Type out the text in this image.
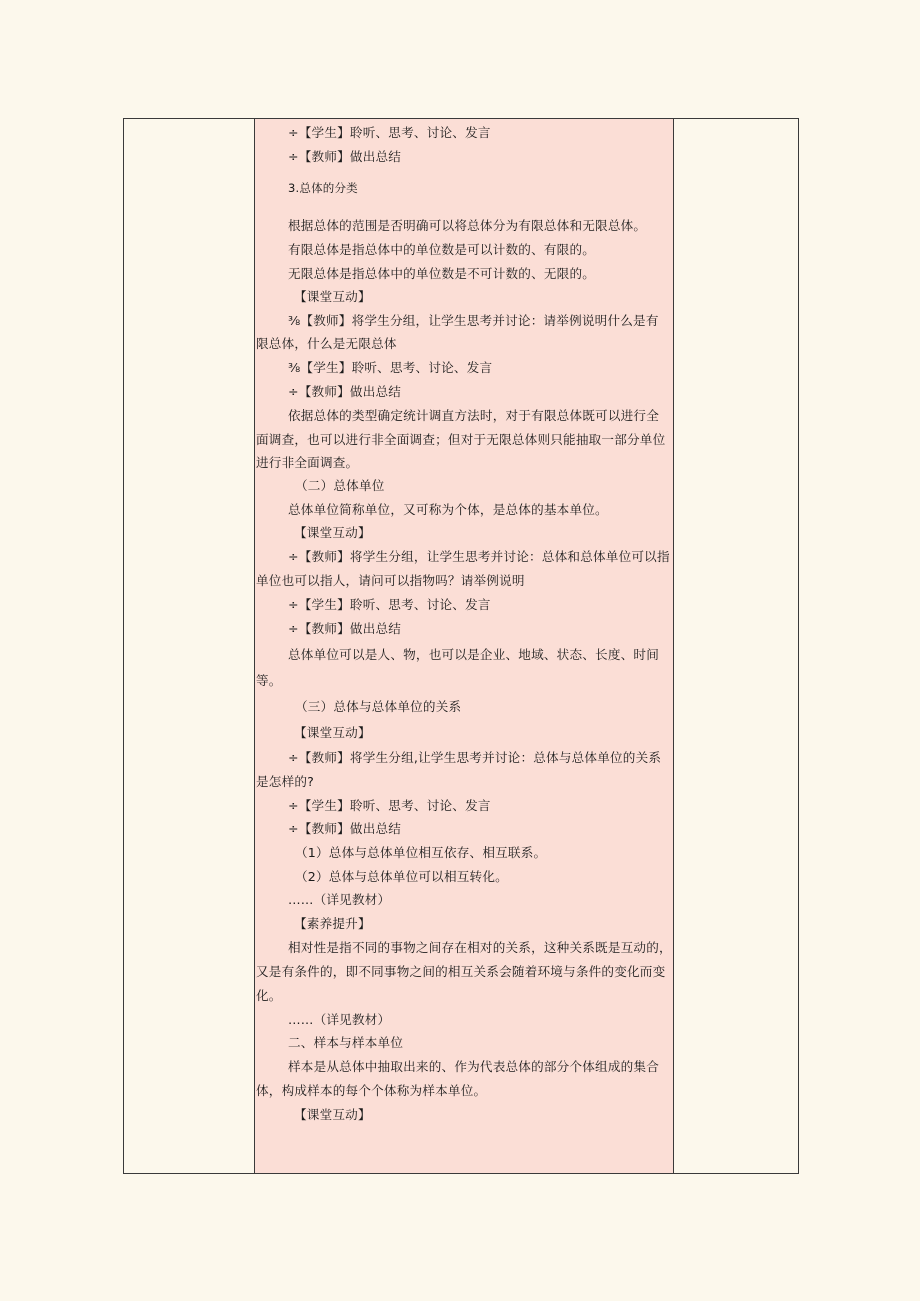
÷【学生】聆听、思考、讨论、发言
÷【教师】做出总结
3.总体的分类
根据总体的范围是否明确可以将总体分为有限总体和无限总体。
有限总体是指总体中的单位数是可以计数的、有限的。
无限总体是指总体中的单位数是不可计数的、无限的。
【课堂互动】
⅜【教师】将学生分组，让学生思考并讨论：请举例说明什么是有
限总体，什么是无限总体
⅜【学生】聆听、思考、讨论、发言
÷【教师】做出总结
依据总体的类型确定统计调直方法时，对于有限总体既可以进行全
面调查，也可以进行非全面调查；但对于无限总体则只能抽取一部分单位
进行非全面调查。
（二）总体单位
总体单位简称单位，又可称为个体，是总体的基本单位。
【课堂互动】
÷【教师】将学生分组，让学生思考并讨论：总体和总体单位可以指
单位也可以指人，请问可以指物吗？请举例说明
÷【学生】聆听、思考、讨论、发言
÷【教师】做出总结
总体单位可以是人、物，也可以是企业、地域、状态、长度、时间
等。
（三）总体与总体单位的关系
【课堂互动】
÷【教师】将学生分组,让学生思考并讨论：总体与总体单位的关系
是怎样的?
÷【学生】聆听、思考、讨论、发言
÷【教师】做出总结
（1）总体与总体单位相互依存、相互联系。
（2）总体与总体单位可以相互转化。
……（详见教材）
【素养提升】
相对性是指不同的事物之间存在相对的关系，这种关系既是互动的，
又是有条件的，即不同事物之间的相互关系会随着环境与条件的变化而变
化。
……（详见教材）
二、样本与样本单位
样本是从总体中抽取出来的、作为代表总体的部分个体组成的集合
体，构成样本的每个个体称为样本单位。
【课堂互动】
